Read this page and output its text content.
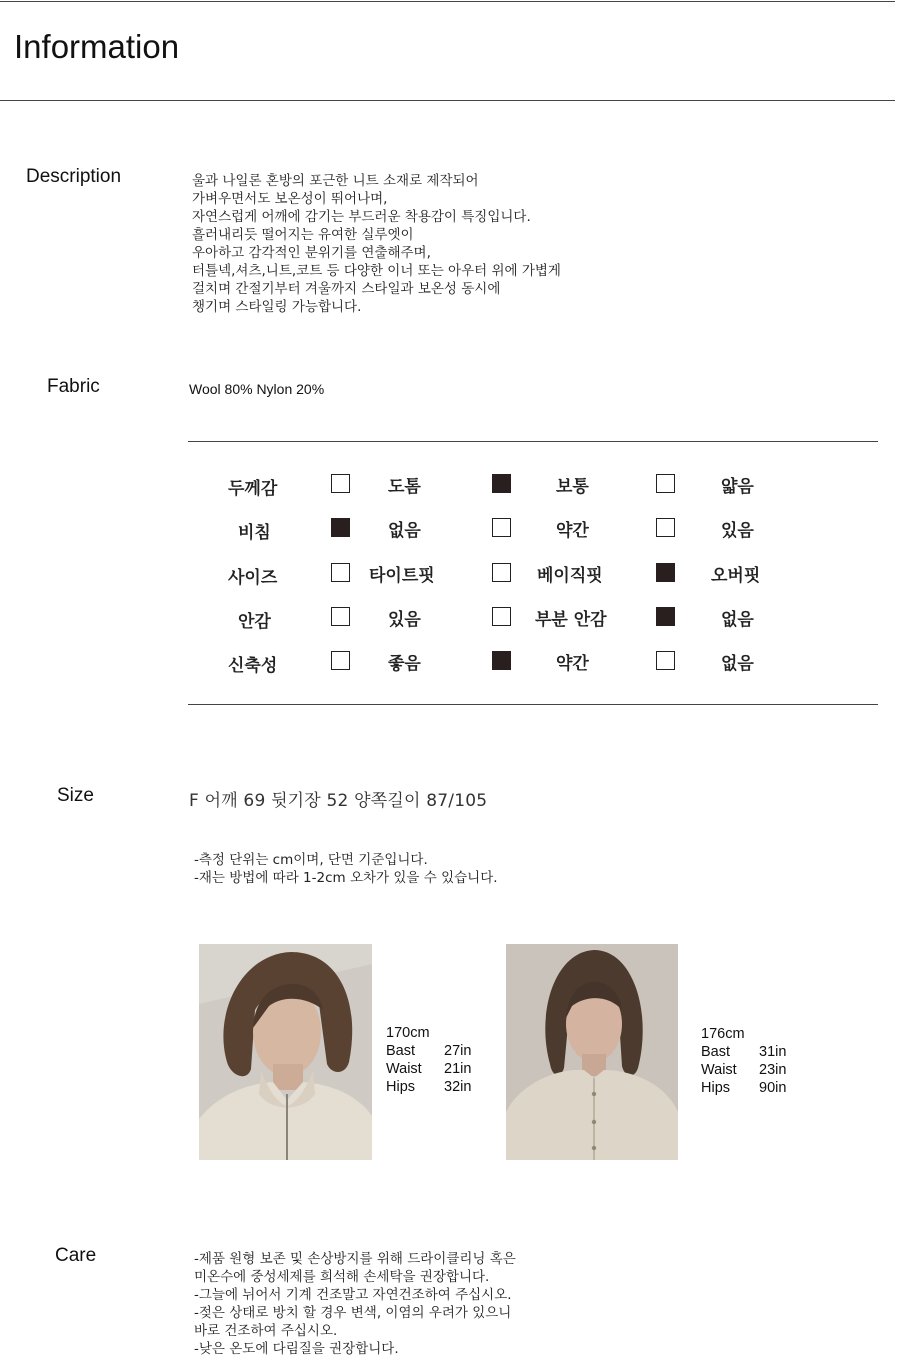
Information
Description	울과 나일론 혼방의 포근한 니트 소재로 제작되어
가벼우면서도 보온성이 뛰어나며,
자연스럽게 어깨에 감기는 부드러운 착용감이 특징입니다.
흘러내리듯 떨어지는 유여한 실루엣이
우아하고 감각적인 분위기를 연출해주며,
터틀넥,셔츠,니트,코트 등 다양한 이너 또는 아우터 위에 가볍게
걸치며 간절기부터 겨울까지 스타일과 보온성 동시에
챙기며 스타일링 가능합니다.
Fabric	Wool 80% Nylon 20%
두께감	도톰	보통	얇음
비침	없음	약간	있음
사이즈	타이트핏	베이직핏	오버핏
안감	있음	부분 안감	없음
신축성	좋음	약간	없음
Size	F 어깨 69 뒷기장 52 양쪽길이 87/105
-측정 단위는 cm이며, 단면 기준입니다.
-재는 방법에 따라 1-2cm 오차가 있을 수 있습니다.
170cm
Bast	27in
Waist	21in
Hips	32in
176cm
Bast	31in
Waist	23in
Hips	90in
Care	-제품 원형 보존 및 손상방지를 위해 드라이클리닝 혹은
미온수에 중성세제를 희석해 손세탁을 권장합니다.
-그늘에 뉘어서 기계 건조말고 자연건조하여 주십시오.
-젖은 상태로 방치 할 경우 변색, 이염의 우려가 있으니
바로 건조하여 주십시오.
-낮은 온도에 다림질을 권장합니다.
